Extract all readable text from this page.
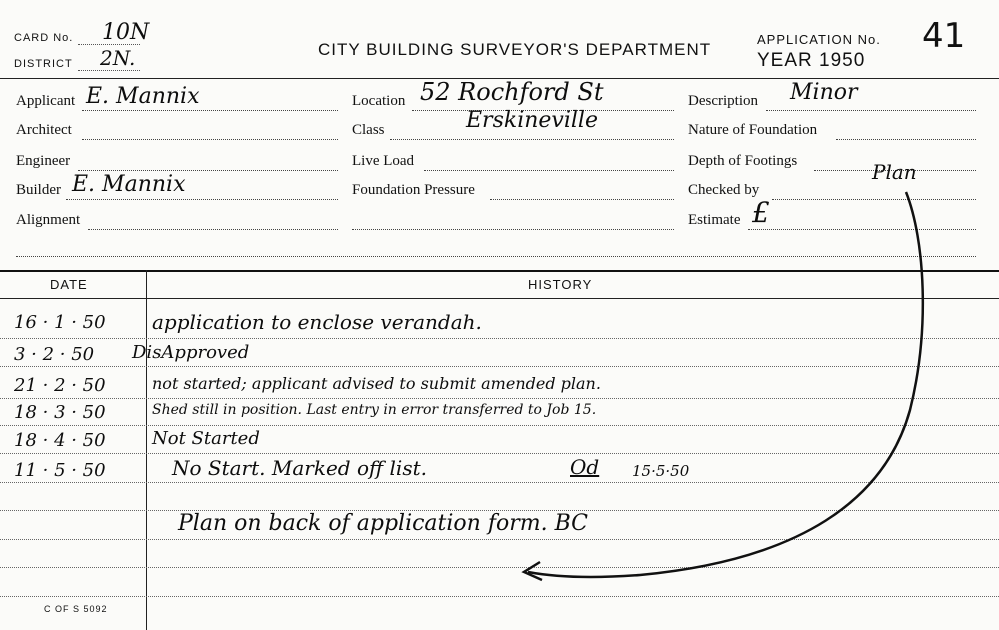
CARD No. 10N
DISTRICT 2N.	CITY BUILDING SURVEYOR'S DEPARTMENT
APPLICATION No. 41
YEAR 1950
Applicant E. Mannix
Architect
Engineer
Builder E. Mannix
Alignment
Location 52 Rochford St
Class	Erskineville
Live Load
Foundation Pressure
Description Minor
Nature of Foundation
Depth of Footings
Checked by
Estimate £
Plan
DATE	HISTORY
16 · 1 · 50	application to enclose verandah.
3 · 2 · 50	DisApproved
21 · 2 · 50	not started; applicant advised to submit amended plan.
18 · 3 · 50	Shed still in position. Last entry in error transferred to Job 15.
18 · 4 · 50	Not Started
11 · 5 · 50	No Start. Marked off list.	Od 15·5·50
Plan on back of application form. BC
C OF S 5092
